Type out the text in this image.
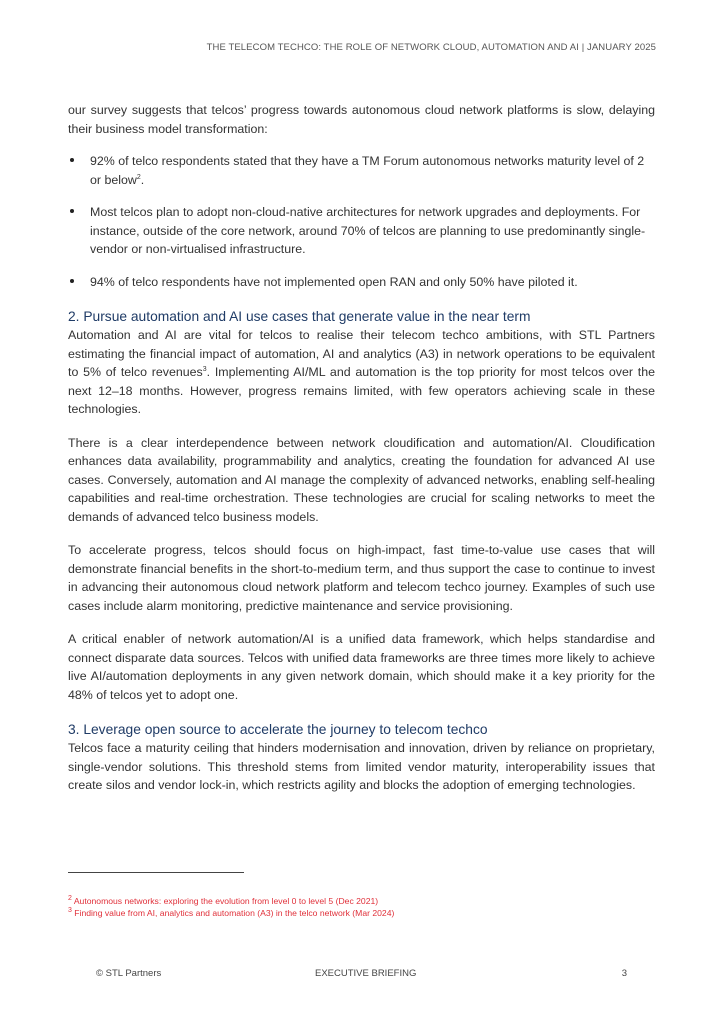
THE TELECOM TECHCO: THE ROLE OF NETWORK CLOUD, AUTOMATION AND AI | JANUARY 2025

our survey suggests that telcos’ progress towards autonomous cloud network platforms is slow, delaying their business model transformation:

92% of telco respondents stated that they have a TM Forum autonomous networks maturity level of 2 or below$^2$.
Most telcos plan to adopt non-cloud-native architectures for network upgrades and deployments. For instance, outside of the core network, around 70% of telcos are planning to use predominantly single-vendor or non-virtualised infrastructure.
94% of telco respondents have not implemented open RAN and only 50% have piloted it.
2. Pursue automation and AI use cases that generate value in the near term

Automation and AI are vital for telcos to realise their telecom techco ambitions, with STL Partners estimating the financial impact of automation, AI and analytics (A3) in network operations to be equivalent to 5% of telco revenues$^3$. Implementing AI/ML and automation is the top priority for most telcos over the next 12–18 months. However, progress remains limited, with few operators achieving scale in these technologies.

There is a clear interdependence between network cloudification and automation/AI. Cloudification enhances data availability, programmability and analytics, creating the foundation for advanced AI use cases. Conversely, automation and AI manage the complexity of advanced networks, enabling self-healing capabilities and real-time orchestration. These technologies are crucial for scaling networks to meet the demands of advanced telco business models.

To accelerate progress, telcos should focus on high-impact, fast time-to-value use cases that will demonstrate financial benefits in the short-to-medium term, and thus support the case to continue to invest in advancing their autonomous cloud network platform and telecom techco journey. Examples of such use cases include alarm monitoring, predictive maintenance and service provisioning.

A critical enabler of network automation/AI is a unified data framework, which helps standardise and connect disparate data sources. Telcos with unified data frameworks are three times more likely to achieve live AI/automation deployments in any given network domain, which should make it a key priority for the 48% of telcos yet to adopt one.

3. Leverage open source to accelerate the journey to telecom techco

Telcos face a maturity ceiling that hinders modernisation and innovation, driven by reliance on proprietary, single-vendor solutions. This threshold stems from limited vendor maturity, interoperability issues that create silos and vendor lock-in, which restricts agility and blocks the adoption of emerging technologies.

$^2$ Autonomous networks: exploring the evolution from level 0 to level 5 (Dec 2021)
$^3$ Finding value from AI, analytics and automation (A3) in the telco network (Mar 2024)
© STL Partners	EXECUTIVE BRIEFING	3
